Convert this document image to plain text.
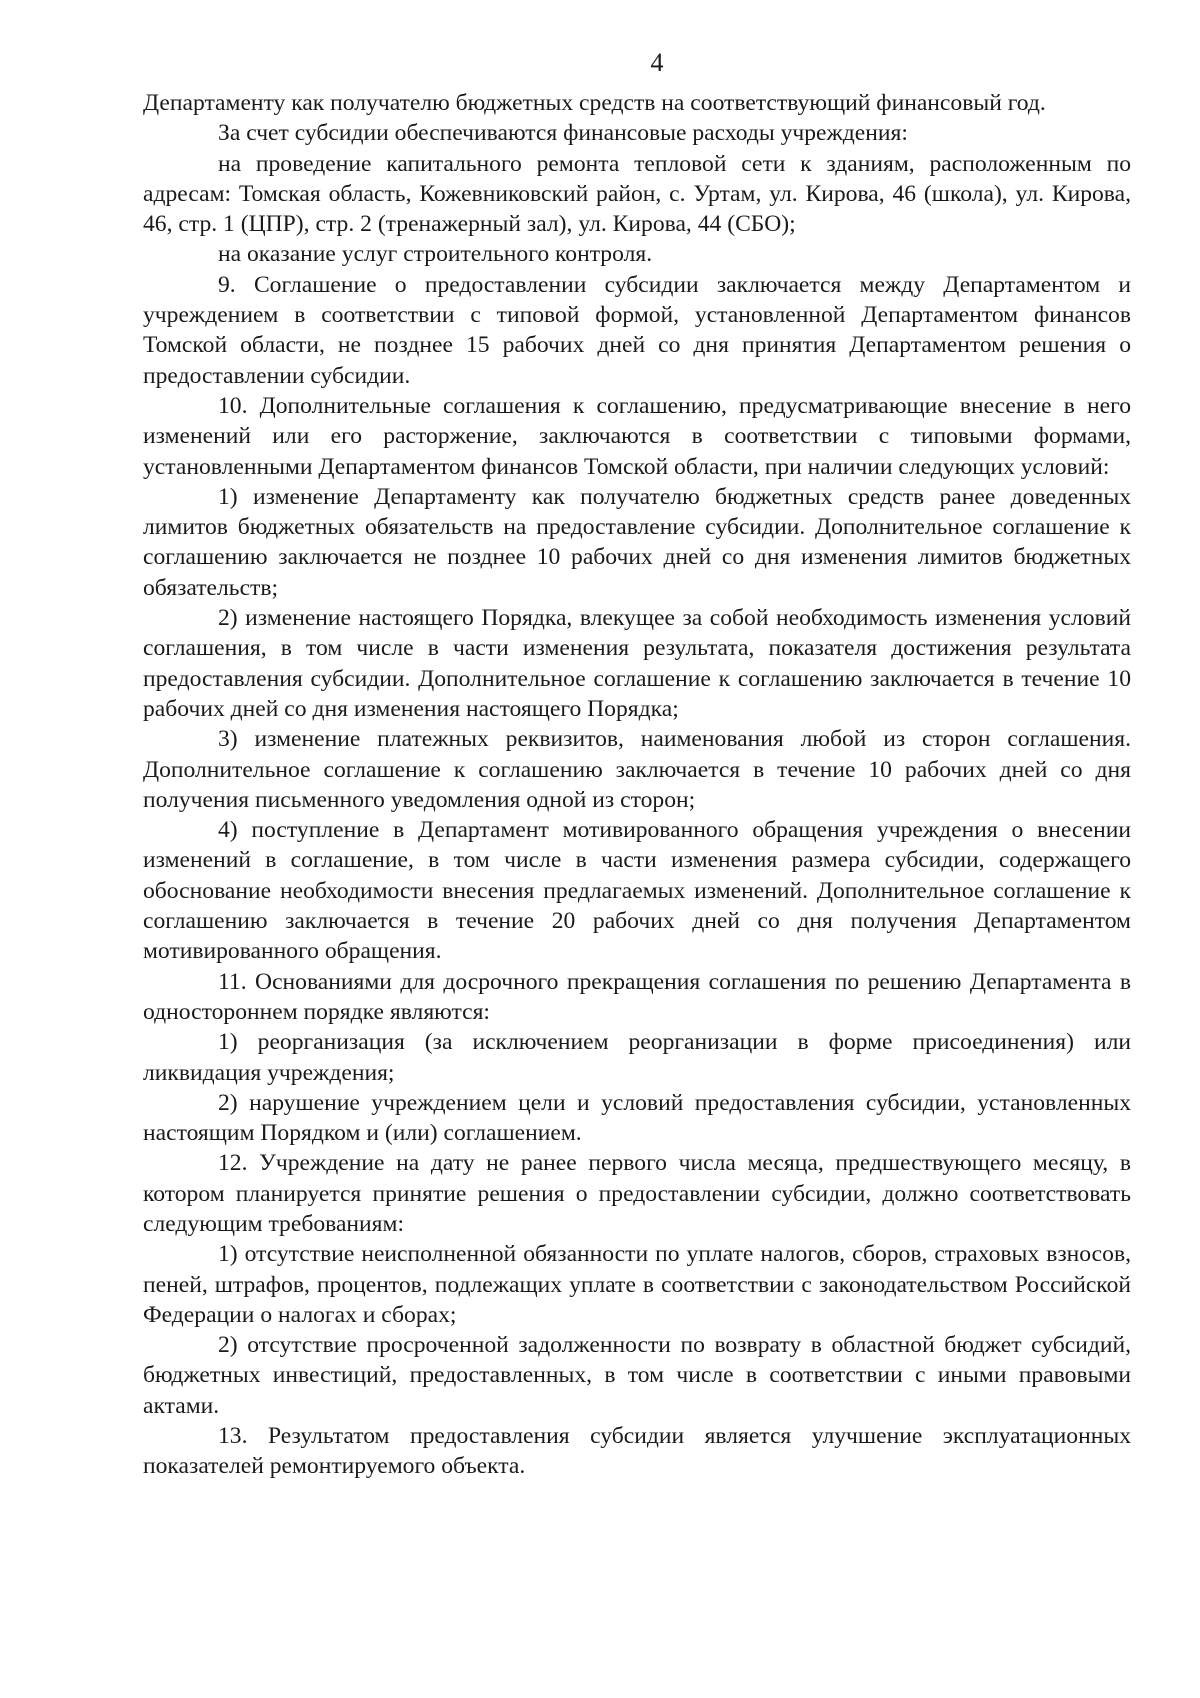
4

Департаменту как получателю бюджетных средств на соответствующий финансовый год.

За счет субсидии обеспечиваются финансовые расходы учреждения:

на проведение капитального ремонта тепловой сети к зданиям, расположенным по адресам: Томская область, Кожевниковский район, с. Уртам, ул. Кирова, 46 (школа), ул. Кирова, 46, стр. 1 (ЦПР), стр. 2 (тренажерный зал), ул. Кирова, 44 (СБО);

на оказание услуг строительного контроля.

9. Соглашение о предоставлении субсидии заключается между Департаментом и учреждением в соответствии с типовой формой, установленной Департаментом финансов Томской области, не позднее 15 рабочих дней со дня принятия Департаментом решения о предоставлении субсидии.

10. Дополнительные соглашения к соглашению, предусматривающие внесение в него изменений или его расторжение, заключаются в соответствии с типовыми формами, установленными Департаментом финансов Томской области, при наличии следующих условий:

1) изменение Департаменту как получателю бюджетных средств ранее доведенных лимитов бюджетных обязательств на предоставление субсидии. Дополнительное соглашение к соглашению заключается не позднее 10 рабочих дней со дня изменения лимитов бюджетных обязательств;

2) изменение настоящего Порядка, влекущее за собой необходимость изменения условий соглашения, в том числе в части изменения результата, показателя достижения результата предоставления субсидии. Дополнительное соглашение к соглашению заключается в течение 10 рабочих дней со дня изменения настоящего Порядка;

3) изменение платежных реквизитов, наименования любой из сторон соглашения. Дополнительное соглашение к соглашению заключается в течение 10 рабочих дней со дня получения письменного уведомления одной из сторон;

4) поступление в Департамент мотивированного обращения учреждения о внесении изменений в соглашение, в том числе в части изменения размера субсидии, содержащего обоснование необходимости внесения предлагаемых изменений. Дополнительное соглашение к соглашению заключается в течение 20 рабочих дней со дня получения Департаментом мотивированного обращения.

11. Основаниями для досрочного прекращения соглашения по решению Департамента в одностороннем порядке являются:

1) реорганизация (за исключением реорганизации в форме присоединения) или ликвидация учреждения;

2) нарушение учреждением цели и условий предоставления субсидии, установленных настоящим Порядком и (или) соглашением.

12. Учреждение на дату не ранее первого числа месяца, предшествующего месяцу, в котором планируется принятие решения о предоставлении субсидии, должно соответствовать следующим требованиям:

1) отсутствие неисполненной обязанности по уплате налогов, сборов, страховых взносов, пеней, штрафов, процентов, подлежащих уплате в соответствии с законодательством Российской Федерации о налогах и сборах;

2) отсутствие просроченной задолженности по возврату в областной бюджет субсидий, бюджетных инвестиций, предоставленных, в том числе в соответствии с иными правовыми актами.

13. Результатом предоставления субсидии является улучшение эксплуатационных показателей ремонтируемого объекта.
